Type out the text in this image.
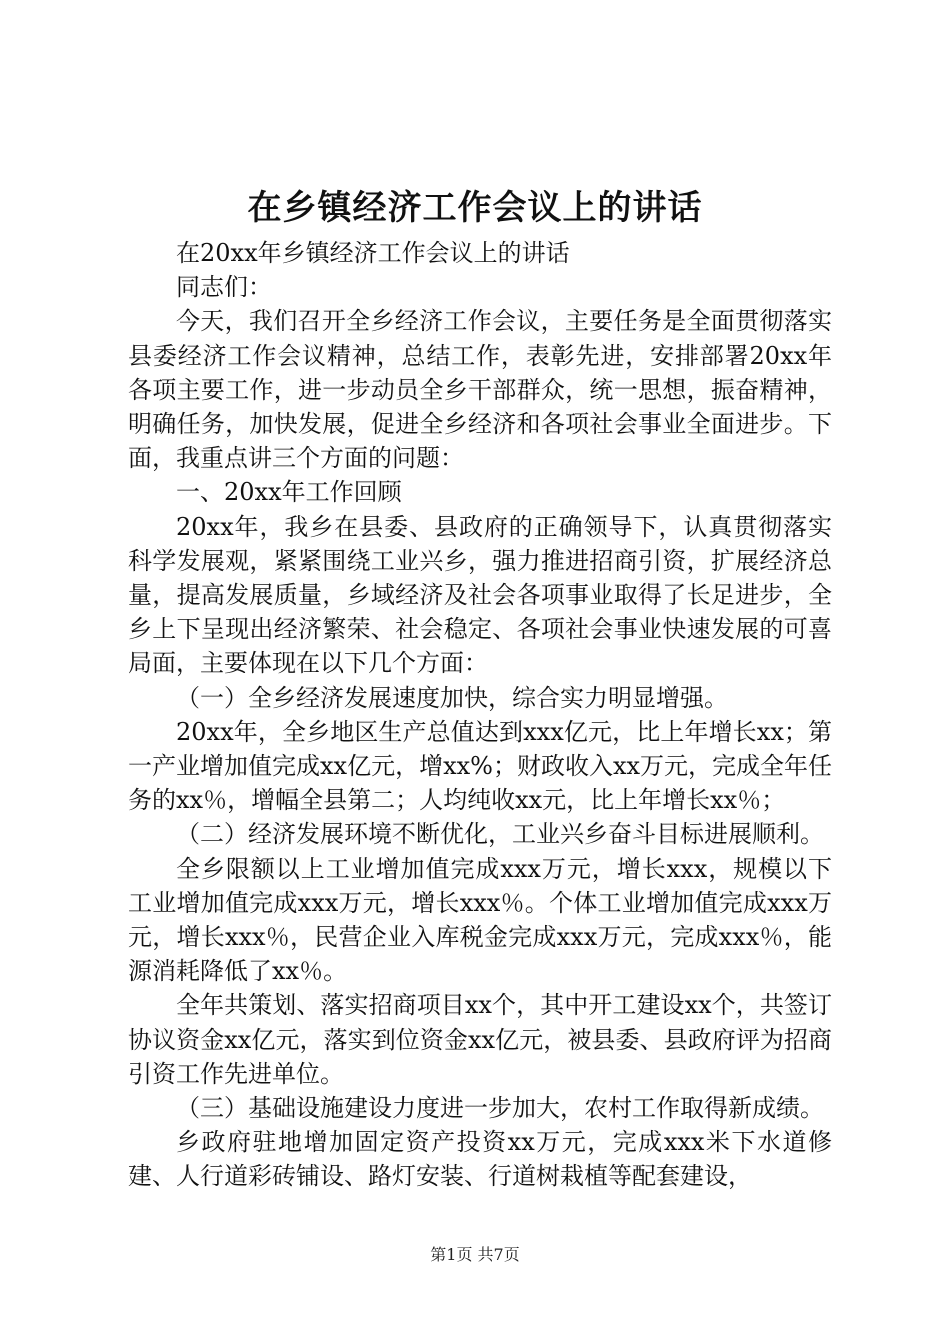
在乡镇经济工作会议上的讲话

在20xx年乡镇经济工作会议上的讲话

同志们：

今天，我们召开全乡经济工作会议，主要任务是全面贯彻落实县委经济工作会议精神，总结工作，表彰先进，安排部署20xx年各项主要工作，进一步动员全乡干部群众，统一思想，振奋精神，明确任务，加快发展，促进全乡经济和各项社会事业全面进步。下面，我重点讲三个方面的问题：

一、20xx年工作回顾

20xx年，我乡在县委、县政府的正确领导下，认真贯彻落实科学发展观，紧紧围绕工业兴乡，强力推进招商引资，扩展经济总量，提高发展质量，乡域经济及社会各项事业取得了长足进步，全乡上下呈现出经济繁荣、社会稳定、各项社会事业快速发展的可喜局面，主要体现在以下几个方面：

（一）全乡经济发展速度加快，综合实力明显增强。

20xx年，全乡地区生产总值达到xxx亿元，比上年增长xx；第一产业增加值完成xx亿元，增xx%；财政收入xx万元，完成全年任务的xx％，增幅全县第二；人均纯收xx元，比上年增长xx％；

（二）经济发展环境不断优化，工业兴乡奋斗目标进展顺利。

全乡限额以上工业增加值完成xxx万元，增长xxx，规模以下工业增加值完成xxx万元，增长xxx％。个体工业增加值完成xxx万元，增长xxx％，民营企业入库税金完成xxx万元，完成xxx％，能源消耗降低了xx％。

全年共策划、落实招商项目xx个，其中开工建设xx个，共签订协议资金xx亿元，落实到位资金xx亿元，被县委、县政府评为招商引资工作先进单位。

（三）基础设施建设力度进一步加大，农村工作取得新成绩。

乡政府驻地增加固定资产投资xx万元，完成xxx米下水道修建、人行道彩砖铺设、路灯安装、行道树栽植等配套建设，

第1页 共7页
